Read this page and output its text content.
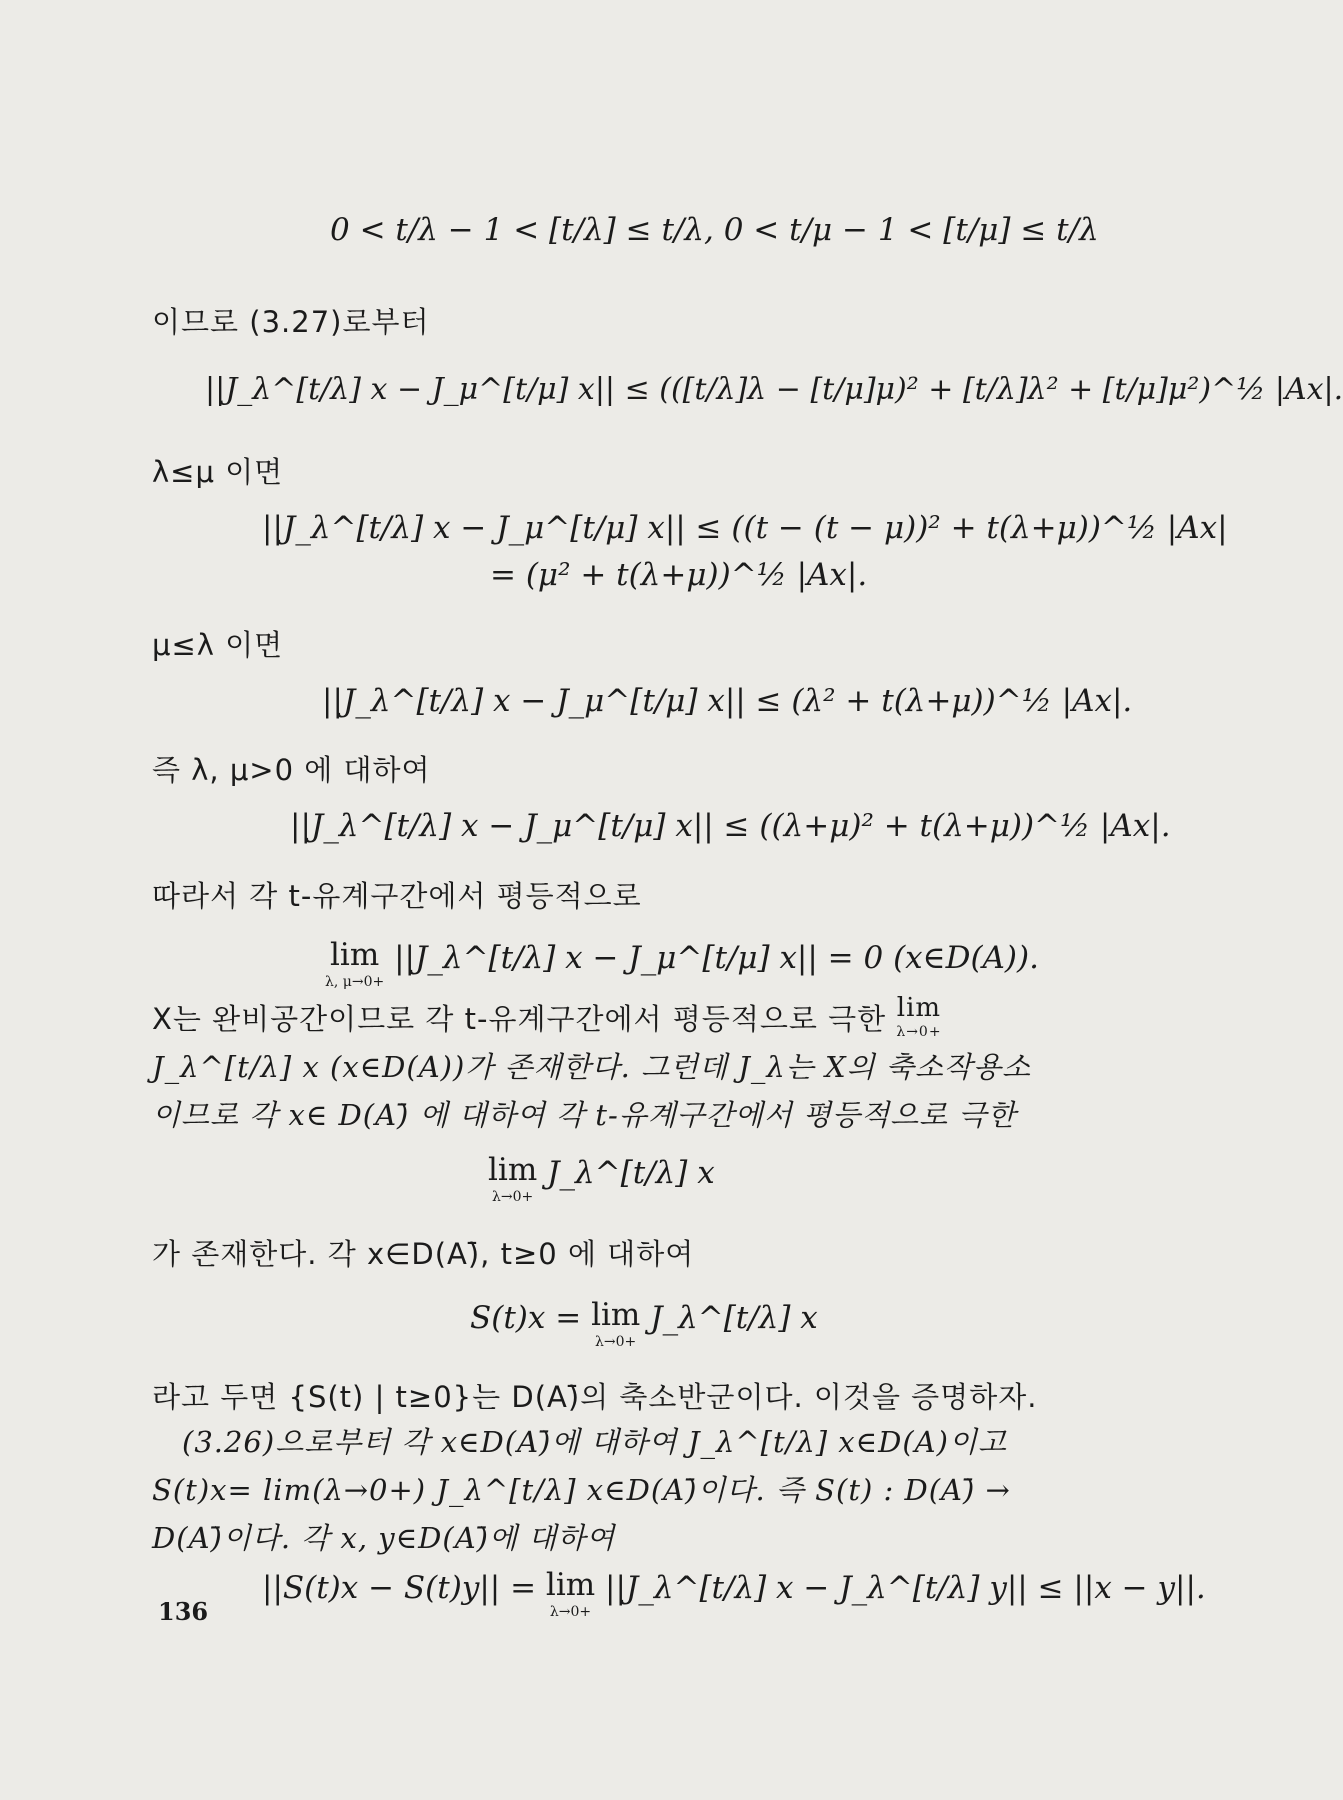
0 < t/λ − 1 < [t/λ] ≤ t/λ, 0 < t/μ − 1 < [t/μ] ≤ t/λ
이므로 (3.27)로부터
||J_λ^[t/λ] x − J_μ^[t/μ] x|| ≤ (([t/λ]λ − [t/μ]μ)² + [t/λ]λ² + [t/μ]μ²)^½ |Ax|.
λ≤μ 이면
||J_λ^[t/λ] x − J_μ^[t/μ] x|| ≤ ((t − (t − μ))² + t(λ+μ))^½ |Ax|
= (μ² + t(λ+μ))^½ |Ax|.
μ≤λ 이면
||J_λ^[t/λ] x − J_μ^[t/μ] x|| ≤ (λ² + t(λ+μ))^½ |Ax|.
즉 λ, μ>0 에 대하여
||J_λ^[t/λ] x − J_μ^[t/μ] x|| ≤ ((λ+μ)² + t(λ+μ))^½ |Ax|.
따라서 각 t-유계구간에서 평등적으로
lim
λ, μ→0+
||J_λ^[t/λ] x − J_μ^[t/μ] x|| = 0 (x∈D(A)).
X는 완비공간이므로 각 t-유계구간에서 평등적으로 극한 lim
λ→0+
J_λ^[t/λ] x (x∈D(A))가 존재한다. 그런데 J_λ는 X의 축소작용소이므로 각 x∈ D(A)̄ 에 대하여 각 t-유계구간에서 평등적으로 극한
lim
λ→0+
J_λ^[t/λ] x
가 존재한다. 각 x∈D(A)̄, t≥0 에 대하여
S(t)x = lim
λ→0+
J_λ^[t/λ] x
라고 두면 {S(t) | t≥0}는 D(A)̄의 축소반군이다. 이것을 증명하자.
(3.26)으로부터 각 x∈D(A)̄에 대하여 J_λ^[t/λ] x∈D(A)이고 S(t)x= lim(λ→0+) J_λ^[t/λ] x∈D(A)̄이다. 즉 S(t) : D(A)̄ → D(A)̄이다. 각 x, y∈D(A)̄에 대하여
||S(t)x − S(t)y|| = lim
λ→0+
||J_λ^[t/λ] x − J_λ^[t/λ] y|| ≤ ||x − y||.
136
